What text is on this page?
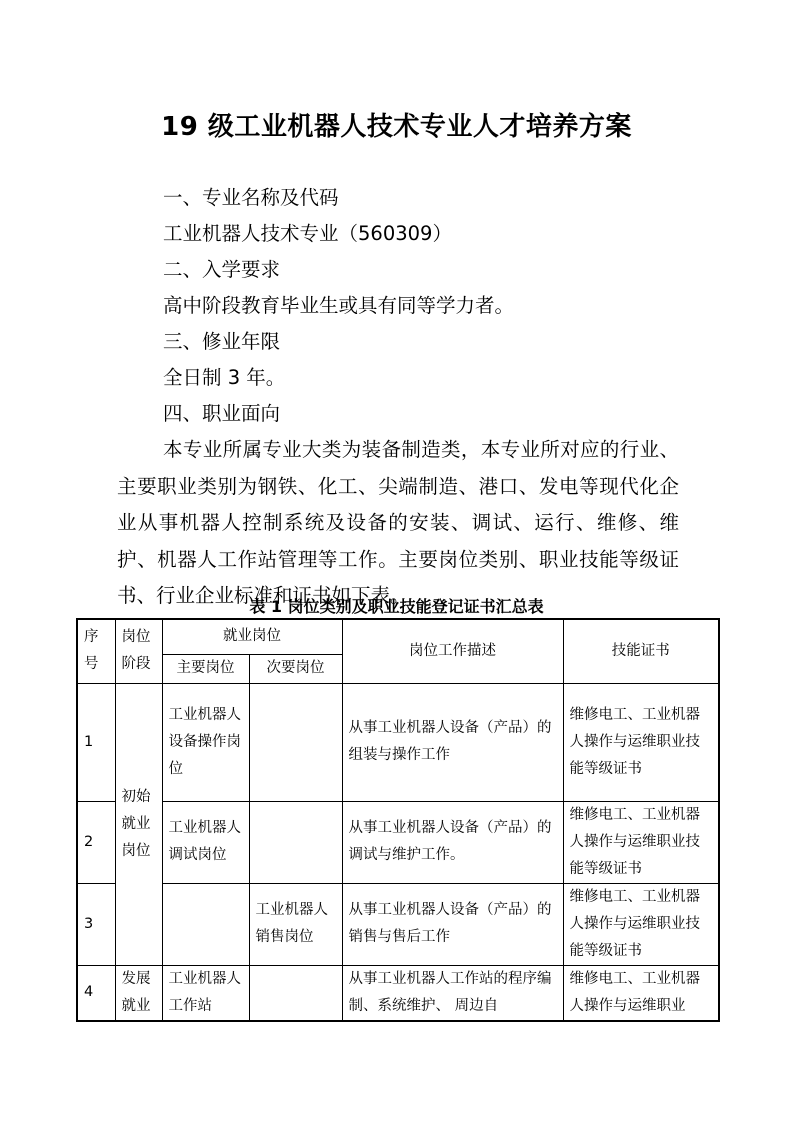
19 级工业机器人技术专业人才培养方案

一、专业名称及代码

工业机器人技术专业（560309）

二、入学要求

高中阶段教育毕业生或具有同等学力者。

三、修业年限

全日制 3 年。

四、职业面向

本专业所属专业大类为装备制造类，本专业所对应的行业、主要职业类别为钢铁、化工、尖端制造、港口、发电等现代化企业从事机器人控制系统及设备的安装、调试、运行、维修、维护、机器人工作站管理等工作。主要岗位类别、职业技能等级证书、行业企业标准和证书如下表。

表 1 岗位类别及职业技能登记证书汇总表
序号	岗位阶段	就业岗位		岗位工作描述	技能证书
		主要岗位	次要岗位		
1	初始就业岗位	工业机器人设备操作岗位		从事工业机器人设备（产品）的组装与操作工作	维修电工、工业机器人操作与运维职业技能等级证书
2		工业机器人调试岗位		从事工业机器人设备（产品）的调试与维护工作。	维修电工、工业机器人操作与运维职业技能等级证书
3			工业机器人销售岗位	从事工业机器人设备（产品）的销售与售后工作	维修电工、工业机器人操作与运维职业技能等级证书
4	发展就业	工业机器人工作站		从事工业机器人工作站的程序编制、系统维护、 周边自	维修电工、工业机器人操作与运维职业
